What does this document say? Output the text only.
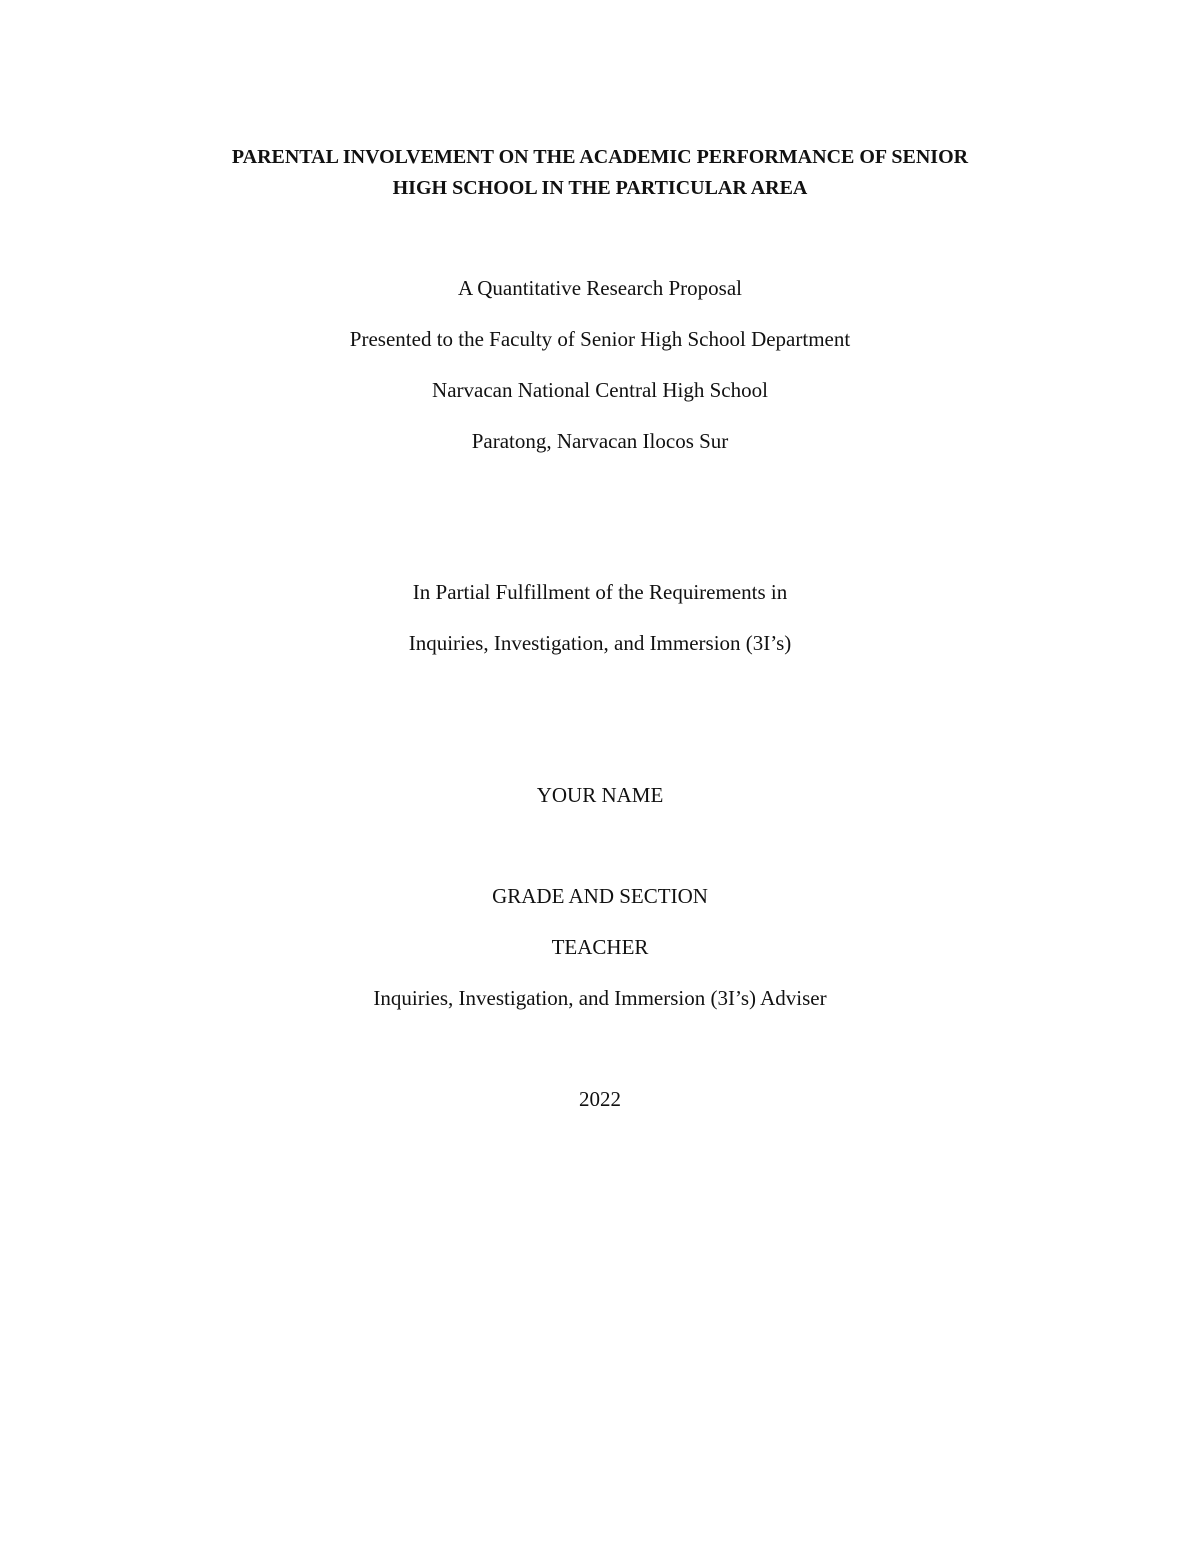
PARENTAL INVOLVEMENT ON THE ACADEMIC PERFORMANCE OF SENIOR
HIGH SCHOOL IN THE PARTICULAR AREA
A Quantitative Research Proposal
Presented to the Faculty of Senior High School Department
Narvacan National Central High School
Paratong, Narvacan Ilocos Sur
In Partial Fulfillment of the Requirements in
Inquiries, Investigation, and Immersion (3I’s)
YOUR NAME
GRADE AND SECTION
TEACHER
Inquiries, Investigation, and Immersion (3I’s) Adviser
2022
